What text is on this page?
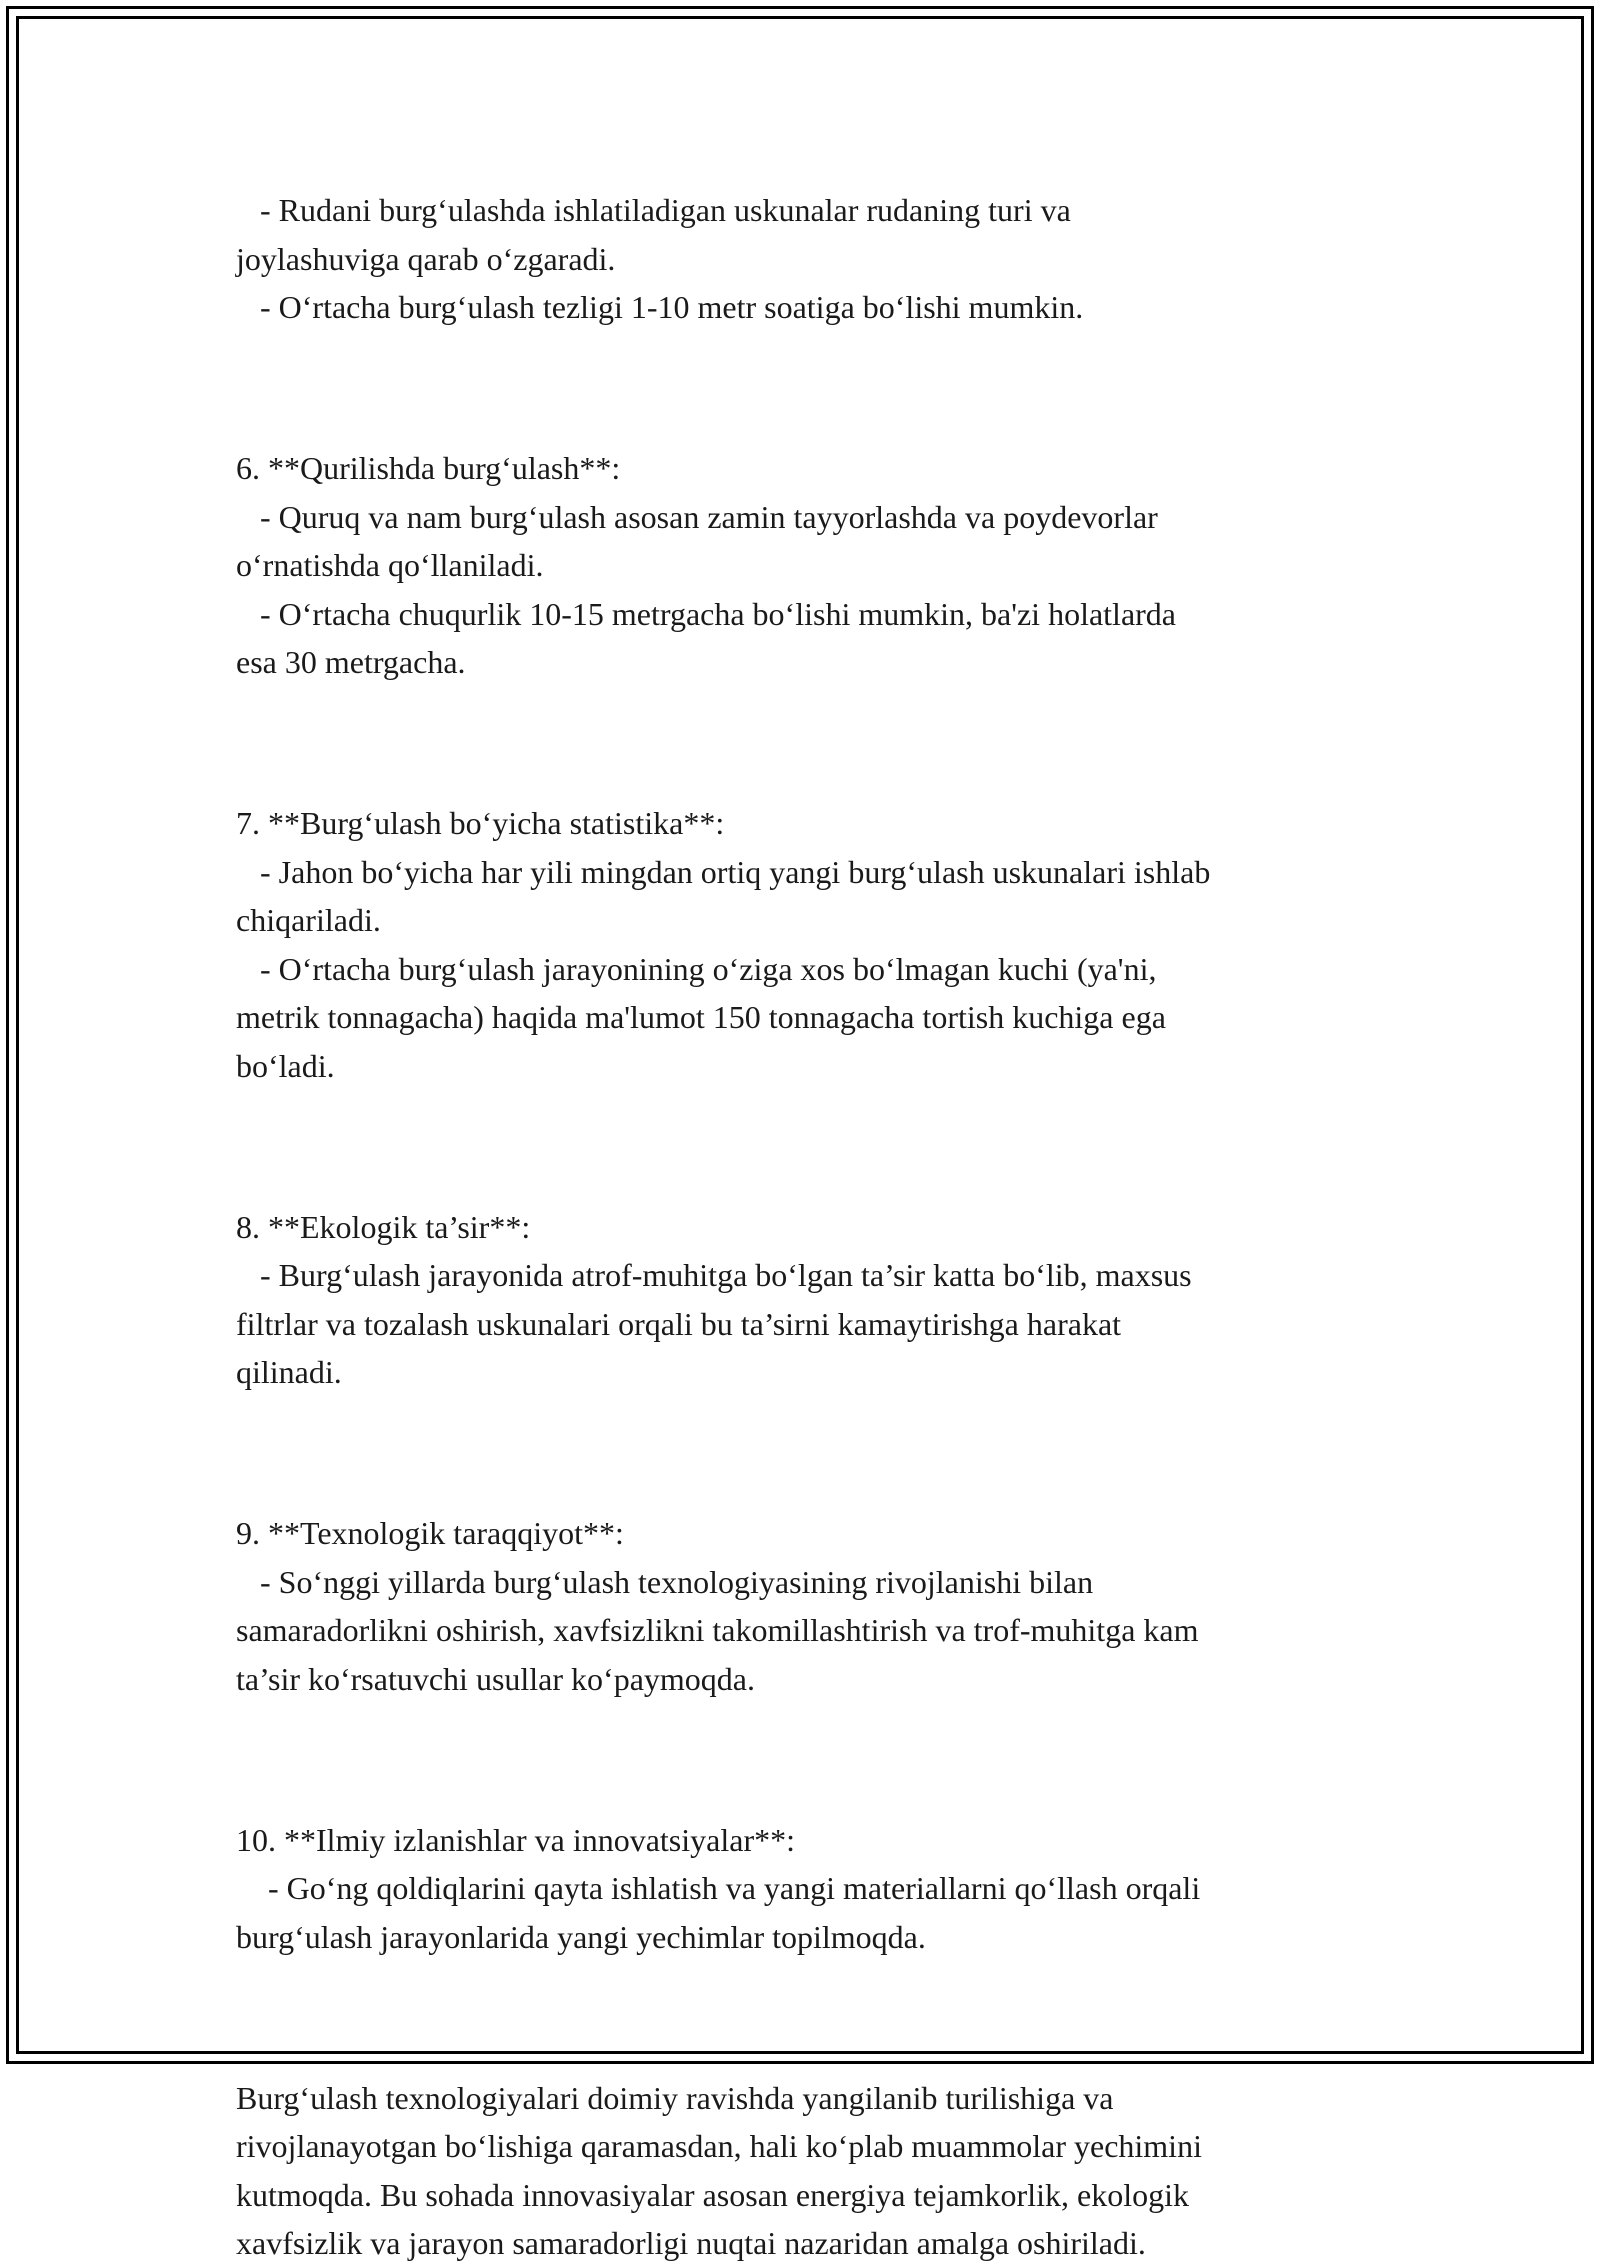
- Rudani burg‘ulashda ishlatiladigan uskunalar rudaning turi va

joylashuviga qarab o‘zgaradi.

- O‘rtacha burg‘ulash tezligi 1-10 metr soatiga bo‘lishi mumkin.

6. **Qurilishda burg‘ulash**:

- Quruq va nam burg‘ulash asosan zamin tayyorlashda va poydevorlar

o‘rnatishda qo‘llaniladi.

- O‘rtacha chuqurlik 10-15 metrgacha bo‘lishi mumkin, ba'zi holatlarda

esa 30 metrgacha.

7. **Burg‘ulash bo‘yicha statistika**:

- Jahon bo‘yicha har yili mingdan ortiq yangi burg‘ulash uskunalari ishlab

chiqariladi.

- O‘rtacha burg‘ulash jarayonining o‘ziga xos bo‘lmagan kuchi (ya'ni,

metrik tonnagacha) haqida ma'lumot 150 tonnagacha tortish kuchiga ega

bo‘ladi.

8. **Ekologik ta’sir**:

- Burg‘ulash jarayonida atrof-muhitga bo‘lgan ta’sir katta bo‘lib, maxsus

filtrlar va tozalash uskunalari orqali bu ta’sirni kamaytirishga harakat

qilinadi.

9. **Texnologik taraqqiyot**:

- So‘nggi yillarda burg‘ulash texnologiyasining rivojlanishi bilan

samaradorlikni oshirish, xavfsizlikni takomillashtirish va trof-muhitga kam

ta’sir ko‘rsatuvchi usullar ko‘paymoqda.

10. **Ilmiy izlanishlar va innovatsiyalar**:

- Go‘ng qoldiqlarini qayta ishlatish va yangi materiallarni qo‘llash orqali

burg‘ulash jarayonlarida yangi yechimlar topilmoqda.

Burg‘ulash texnologiyalari doimiy ravishda yangilanib turilishiga va

rivojlanayotgan bo‘lishiga qaramasdan, hali ko‘plab muammolar yechimini

kutmoqda. Bu sohada innovasiyalar asosan energiya tejamkorlik, ekologik

xavfsizlik va jarayon samaradorligi nuqtai nazaridan amalga oshiriladi.
